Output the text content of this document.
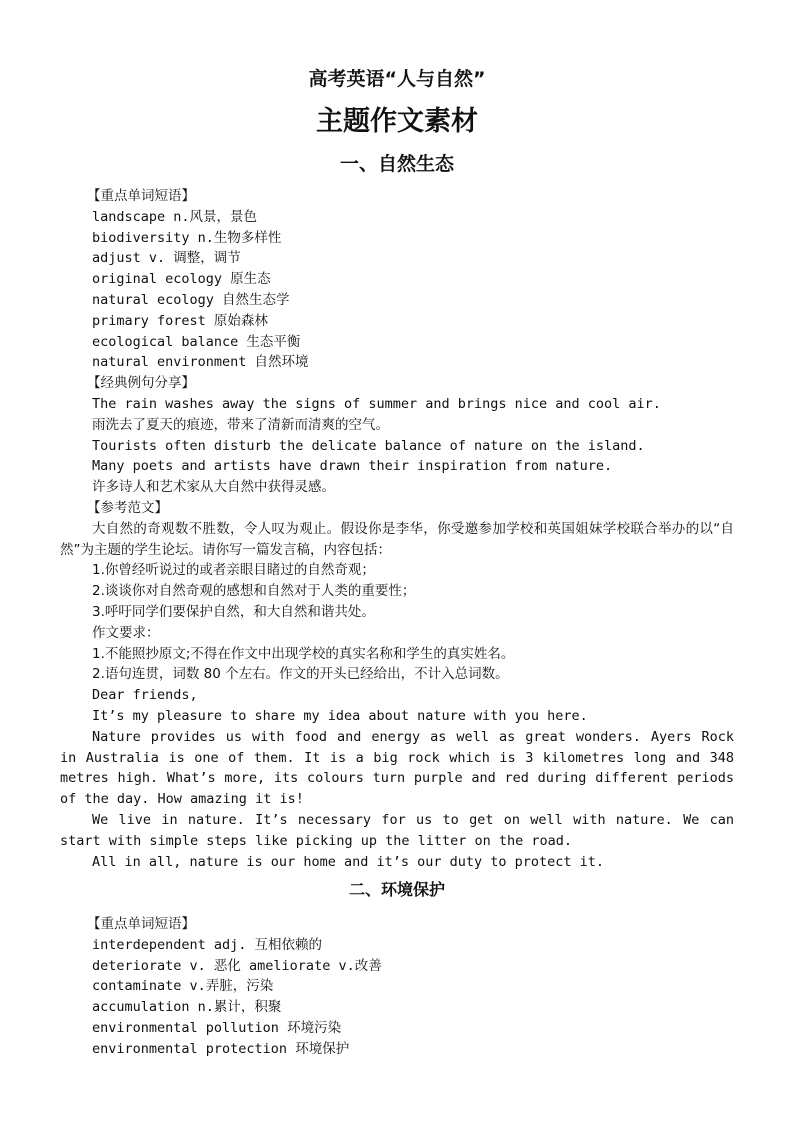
高考英语“人与自然”
主题作文素材
一、自然生态
【重点单词短语】
landscape n.风景，景色
biodiversity n.生物多样性
adjust v. 调整，调节
original ecology 原生态
natural ecology 自然生态学
primary forest 原始森林
ecological balance 生态平衡
natural environment 自然环境
【经典例句分享】
The rain washes away the signs of summer and brings nice and cool air.
雨洗去了夏天的痕迹，带来了清新而清爽的空气。
Tourists often disturb the delicate balance of nature on the island.
Many poets and artists have drawn their inspiration from nature.
许多诗人和艺术家从大自然中获得灵感。
【参考范文】
大自然的奇观数不胜数，令人叹为观止。假设你是李华，你受邀参加学校和英国姐妹学校联合举办的以“自然”为主题的学生论坛。请你写一篇发言稿，内容包括：
1.你曾经听说过的或者亲眼目睹过的自然奇观；
2.谈谈你对自然奇观的感想和自然对于人类的重要性；
3.呼吁同学们要保护自然，和大自然和谐共处。
作文要求：
1.不能照抄原文;不得在作文中出现学校的真实名称和学生的真实姓名。
2.语句连贯，词数 80 个左右。作文的开头已经给出，不计入总词数。
Dear friends,
It’s my pleasure to share my idea about nature with you here.
Nature provides us with food and energy as well as great wonders. Ayers Rock in Australia is one of them. It is a big rock which is 3 kilometres long and 348 metres high. What’s more, its colours turn purple and red during different periods of the day. How amazing it is!
We live in nature. It’s necessary for us to get on well with nature. We can start with simple steps like picking up the litter on the road.
All in all, nature is our home and it’s our duty to protect it.
二、环境保护
【重点单词短语】
interdependent adj. 互相依赖的
deteriorate v. 恶化 ameliorate v.改善
contaminate v.弄脏，污染
accumulation n.累计，积聚
environmental pollution 环境污染
environmental protection 环境保护
